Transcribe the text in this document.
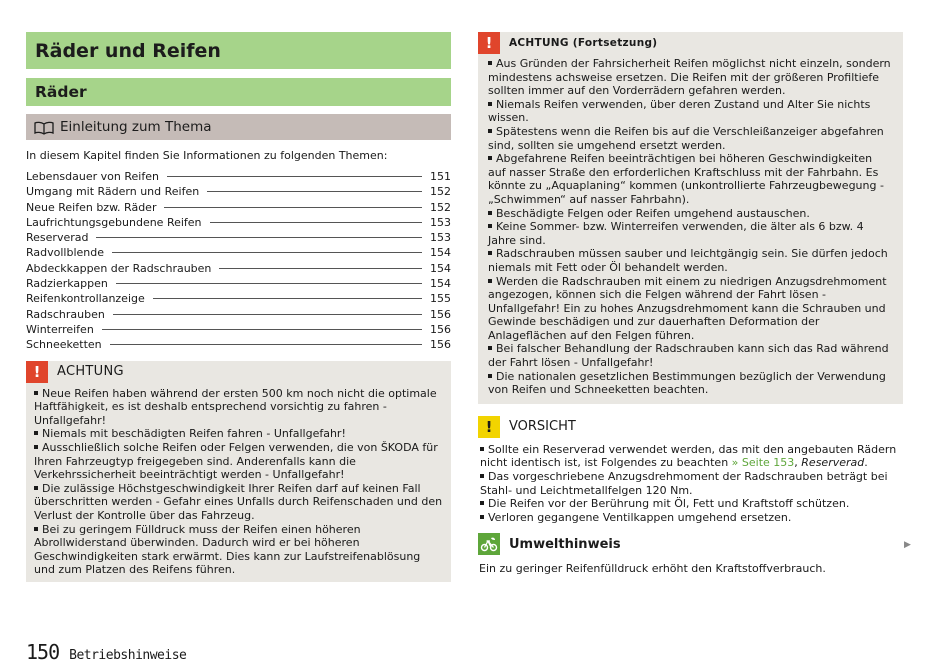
Räder und Reifen
Räder
Einleitung zum Thema
In diesem Kapitel finden Sie Informationen zu folgenden Themen:
Lebensdauer von Reifen	151
Umgang mit Rädern und Reifen	152
Neue Reifen bzw. Räder	152
Laufrichtungsgebundene Reifen	153
Reserverad	153
Radvollblende	154
Abdeckkappen der Radschrauben	154
Radzierkappen	154
Reifenkontrollanzeige	155
Radschrauben	156
Winterreifen	156
Schneeketten	156
!	ACHTUNG

Neue Reifen haben während der ersten 500 km noch nicht die optimale Haftfähigkeit, es ist deshalb entsprechend vorsichtig zu fahren - Unfallgefahr!

Niemals mit beschädigten Reifen fahren - Unfallgefahr!

Ausschließlich solche Reifen oder Felgen verwenden, die von ŠKODA für Ihren Fahrzeugtyp freigegeben sind. Anderenfalls kann die Verkehrssicherheit beeinträchtigt werden - Unfallgefahr!

Die zulässige Höchstgeschwindigkeit Ihrer Reifen darf auf keinen Fall überschritten werden - Gefahr eines Unfalls durch Reifenschaden und den Verlust der Kontrolle über das Fahrzeug.

Bei zu geringem Fülldruck muss der Reifen einen höheren Abrollwiderstand überwinden. Dadurch wird er bei höheren Geschwindigkeiten stark erwärmt. Dies kann zur Laufstreifenablösung und zum Platzen des Reifens führen.

!	ACHTUNG (Fortsetzung)

Aus Gründen der Fahrsicherheit Reifen möglichst nicht einzeln, sondern mindestens achsweise ersetzen. Die Reifen mit der größeren Profiltiefe sollten immer auf den Vorderrädern gefahren werden.

Niemals Reifen verwenden, über deren Zustand und Alter Sie nichts wissen.

Spätestens wenn die Reifen bis auf die Verschleißanzeiger abgefahren sind, sollten sie umgehend ersetzt werden.

Abgefahrene Reifen beeinträchtigen bei höheren Geschwindigkeiten auf nasser Straße den erforderlichen Kraftschluss mit der Fahrbahn. Es könnte zu „Aquaplaning“ kommen (unkontrollierte Fahrzeugbewegung - „Schwimmen“ auf nasser Fahrbahn).

Beschädigte Felgen oder Reifen umgehend austauschen.

Keine Sommer- bzw. Winterreifen verwenden, die älter als 6 bzw. 4 Jahre sind.

Radschrauben müssen sauber und leichtgängig sein. Sie dürfen jedoch niemals mit Fett oder Öl behandelt werden.

Werden die Radschrauben mit einem zu niedrigen Anzugsdrehmoment angezogen, können sich die Felgen während der Fahrt lösen - Unfallgefahr! Ein zu hohes Anzugsdrehmoment kann die Schrauben und Gewinde beschädigen und zur dauerhaften Deformation der Anlageflächen auf den Felgen führen.

Bei falscher Behandlung der Radschrauben kann sich das Rad während der Fahrt lösen - Unfallgefahr!

Die nationalen gesetzlichen Bestimmungen bezüglich der Verwendung von Reifen und Schneeketten beachten.

!	VORSICHT

Sollte ein Reserverad verwendet werden, das mit den angebauten Rädern nicht identisch ist, ist Folgendes zu beachten » Seite 153, Reserverad.

Das vorgeschriebene Anzugsdrehmoment der Radschrauben beträgt bei Stahl- und Leichtmetallfelgen 120 Nm.

Die Reifen vor der Berührung mit Öl, Fett und Kraftstoff schützen.

Verloren gegangene Ventilkappen umgehend ersetzen.

Umwelthinweis
Ein zu geringer Reifenfülldruck erhöht den Kraftstoffverbrauch.
▶
150 Betriebshinweise
